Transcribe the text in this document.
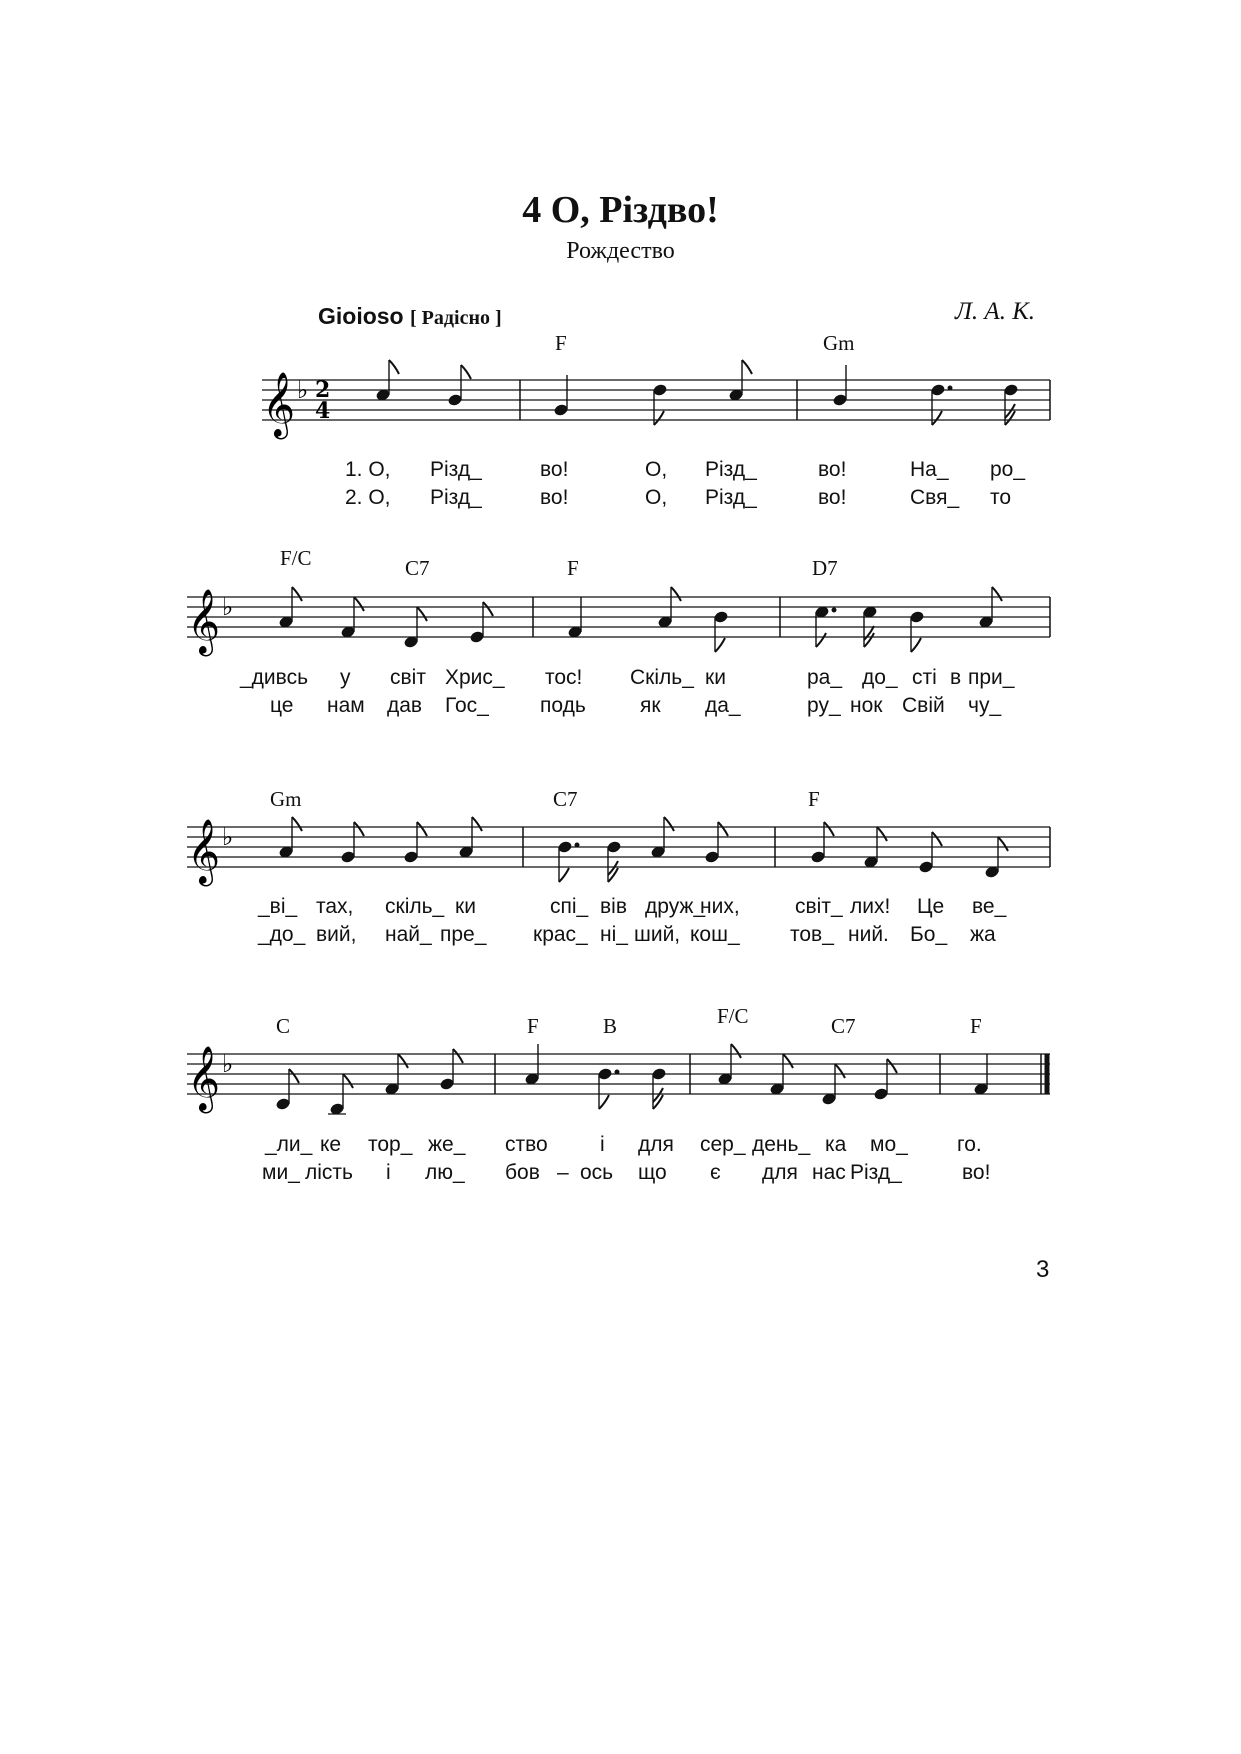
4 О, Різдво!
Рождество
Gioioso [ Радісно ]	Л. А. К.
3
𝄞 ♭ 2
4
F	Gm
1. О, Різд_	во!	О, Різд_	во!	На_ ро_
2. О, Різд_	во!	О, Різд_	во!	Свя_ то
𝄞 ♭
F/C	C7	F	D7
_дивсь у світ Хрис_ тос! Скіль_ ки	ра_ до_ сті в при_
це нам дав Гос_ подь	як да_	ру_ нок Свій чу_
𝄞 ♭
Gm	C7	F
_ві_ тах, скіль_ ки	спі_ вів друж_
них,	світ_ лих! Це ве_
_до_ вий, най_ пре_ крас_ ні_ ший, кош_ тов_ ний. Бо_ жа
𝄞 ♭
C	F	B	F/C	C7	F
_ли_ ке тор_ же_ ство і для сер_ день_ ка мо_ го.
ми_ лість і лю_ бов – ось що є для нас Різд_	во!
